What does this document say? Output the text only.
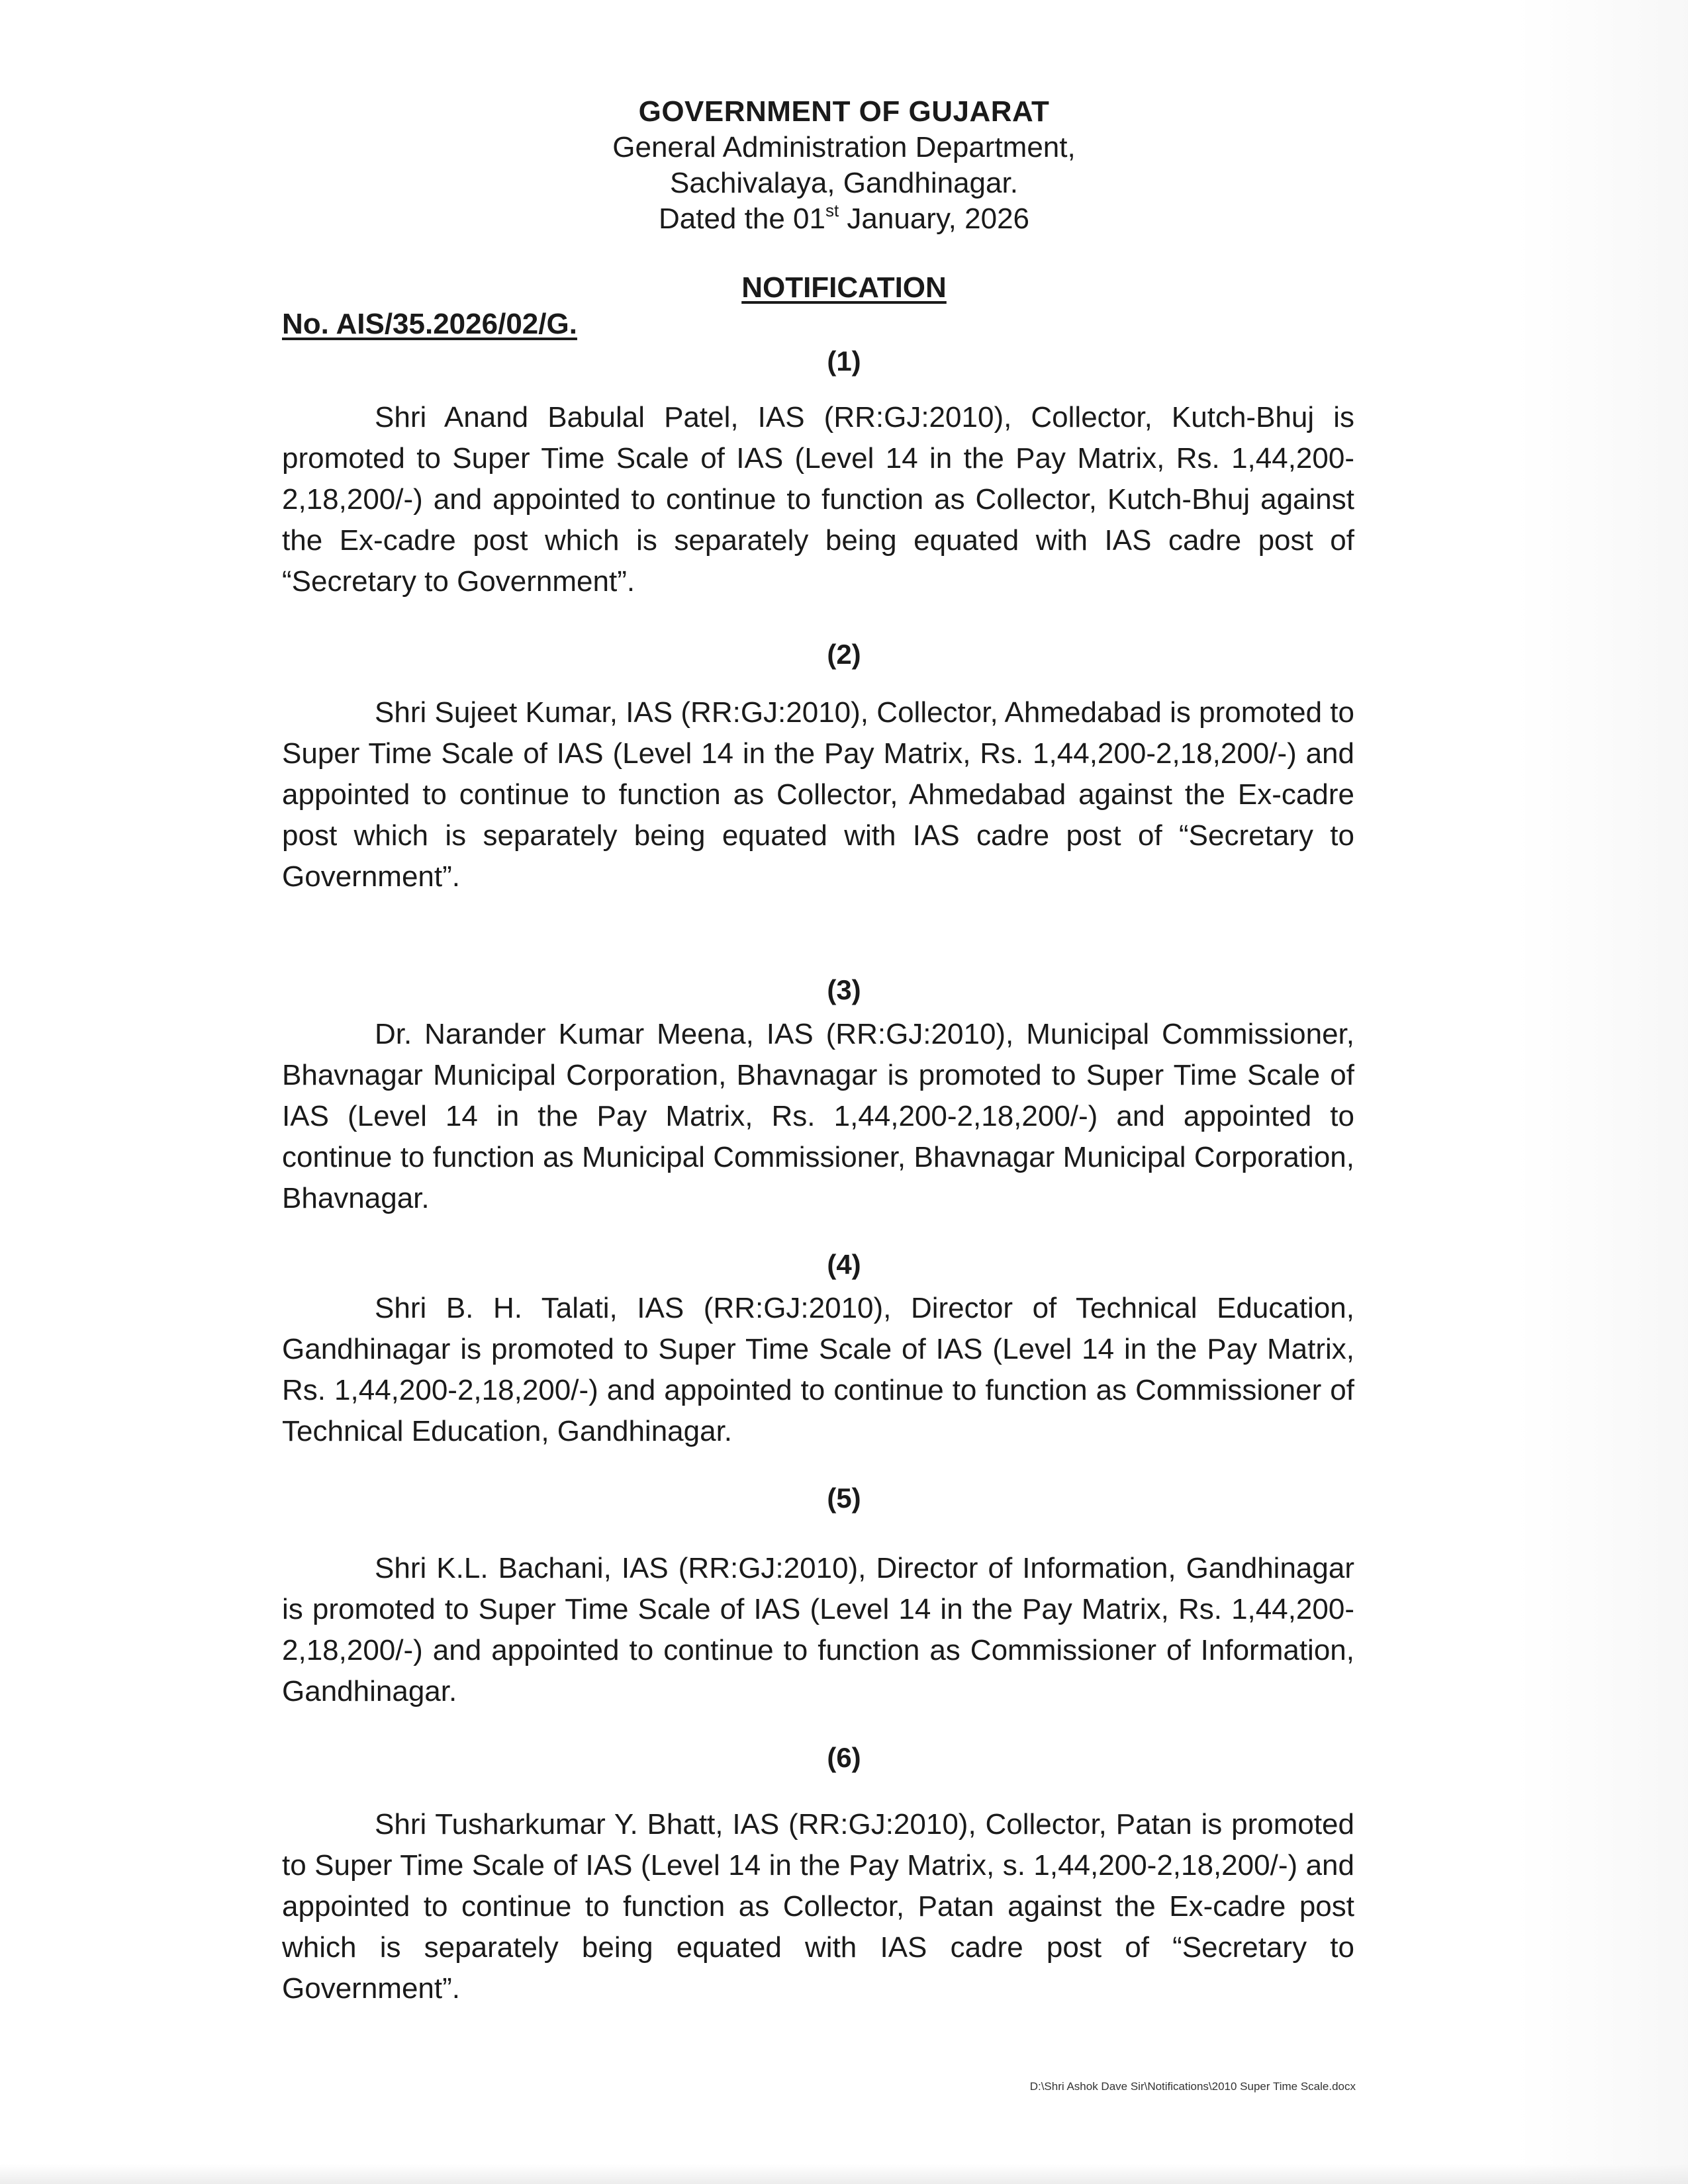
GOVERNMENT OF GUJARAT
General Administration Department,
Sachivalaya, Gandhinagar.
Dated the 01st January, 2026
NOTIFICATION
No. AIS/35.2026/02/G.
(1)

Shri Anand Babulal Patel, IAS (RR:GJ:2010), Collector, Kutch-Bhuj is promoted to Super Time Scale of IAS (Level 14 in the Pay Matrix, Rs. 1,44,200-2,18,200/-) and appointed to continue to function as Collector, Kutch-Bhuj against the Ex-cadre post which is separately being equated with IAS cadre post of “Secretary to Government”.

(2)

Shri Sujeet Kumar, IAS (RR:GJ:2010), Collector, Ahmedabad is promoted to Super Time Scale of IAS (Level 14 in the Pay Matrix, Rs. 1,44,200-2,18,200/-) and appointed to continue to function as Collector, Ahmedabad against the Ex-cadre post which is separately being equated with IAS cadre post of “Secretary to Government”.

(3)

Dr. Narander Kumar Meena, IAS (RR:GJ:2010), Municipal Commissioner, Bhavnagar Municipal Corporation, Bhavnagar is promoted to Super Time Scale of IAS (Level 14 in the Pay Matrix, Rs. 1,44,200-2,18,200/-) and appointed to continue to function as Municipal Commissioner, Bhavnagar Municipal Corporation, Bhavnagar.

(4)

Shri B. H. Talati, IAS (RR:GJ:2010), Director of Technical Education, Gandhinagar is promoted to Super Time Scale of IAS (Level 14 in the Pay Matrix, Rs. 1,44,200-2,18,200/-) and appointed to continue to function as Commissioner of Technical Education, Gandhinagar.

(5)

Shri K.L. Bachani, IAS (RR:GJ:2010), Director of Information, Gandhinagar is promoted to Super Time Scale of IAS (Level 14 in the Pay Matrix, Rs. 1,44,200-2,18,200/-) and appointed to continue to function as Commissioner of Information, Gandhinagar.

(6)

Shri Tusharkumar Y. Bhatt, IAS (RR:GJ:2010), Collector, Patan is promoted to Super Time Scale of IAS (Level 14 in the Pay Matrix, s. 1,44,200-2,18,200/-) and appointed to continue to function as Collector, Patan against the Ex-cadre post which is separately being equated with IAS cadre post of “Secretary to Government”.

D:\Shri Ashok Dave Sir\Notifications\2010 Super Time Scale.docx
